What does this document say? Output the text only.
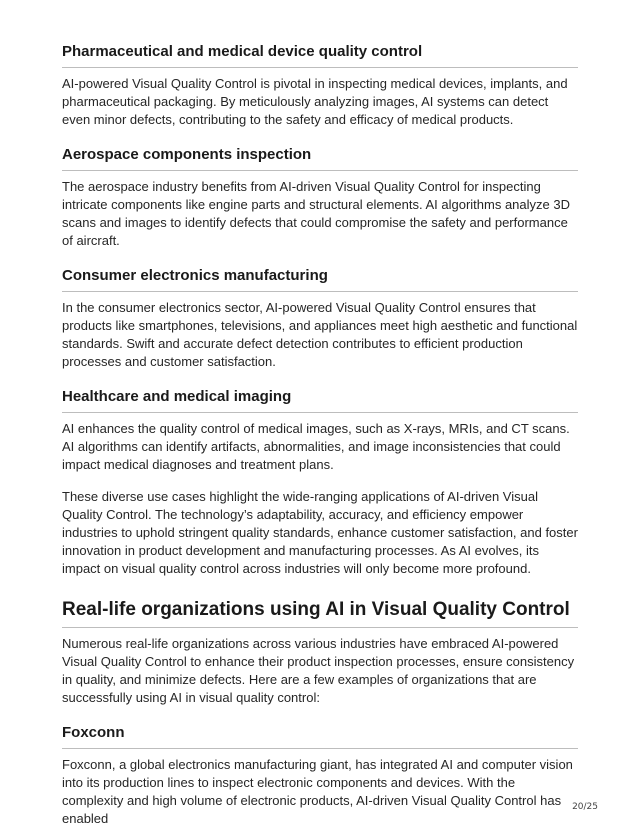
Pharmaceutical and medical device quality control

AI-powered Visual Quality Control is pivotal in inspecting medical devices, implants, and pharmaceutical packaging. By meticulously analyzing images, AI systems can detect even minor defects, contributing to the safety and efficacy of medical products.

Aerospace components inspection

The aerospace industry benefits from AI-driven Visual Quality Control for inspecting intricate components like engine parts and structural elements. AI algorithms analyze 3D scans and images to identify defects that could compromise the safety and performance of aircraft.

Consumer electronics manufacturing

In the consumer electronics sector, AI-powered Visual Quality Control ensures that products like smartphones, televisions, and appliances meet high aesthetic and functional standards. Swift and accurate defect detection contributes to efficient production processes and customer satisfaction.

Healthcare and medical imaging

AI enhances the quality control of medical images, such as X-rays, MRIs, and CT scans. AI algorithms can identify artifacts, abnormalities, and image inconsistencies that could impact medical diagnoses and treatment plans.

These diverse use cases highlight the wide-ranging applications of AI-driven Visual Quality Control. The technology’s adaptability, accuracy, and efficiency empower industries to uphold stringent quality standards, enhance customer satisfaction, and foster innovation in product development and manufacturing processes. As AI evolves, its impact on visual quality control across industries will only become more profound.

Real-life organizations using AI in Visual Quality Control

Numerous real-life organizations across various industries have embraced AI-powered Visual Quality Control to enhance their product inspection processes, ensure consistency in quality, and minimize defects. Here are a few examples of organizations that are successfully using AI in visual quality control:

Foxconn

Foxconn, a global electronics manufacturing giant, has integrated AI and computer vision into its production lines to inspect electronic components and devices. With the complexity and high volume of electronic products, AI-driven Visual Quality Control has enabled

20/25
